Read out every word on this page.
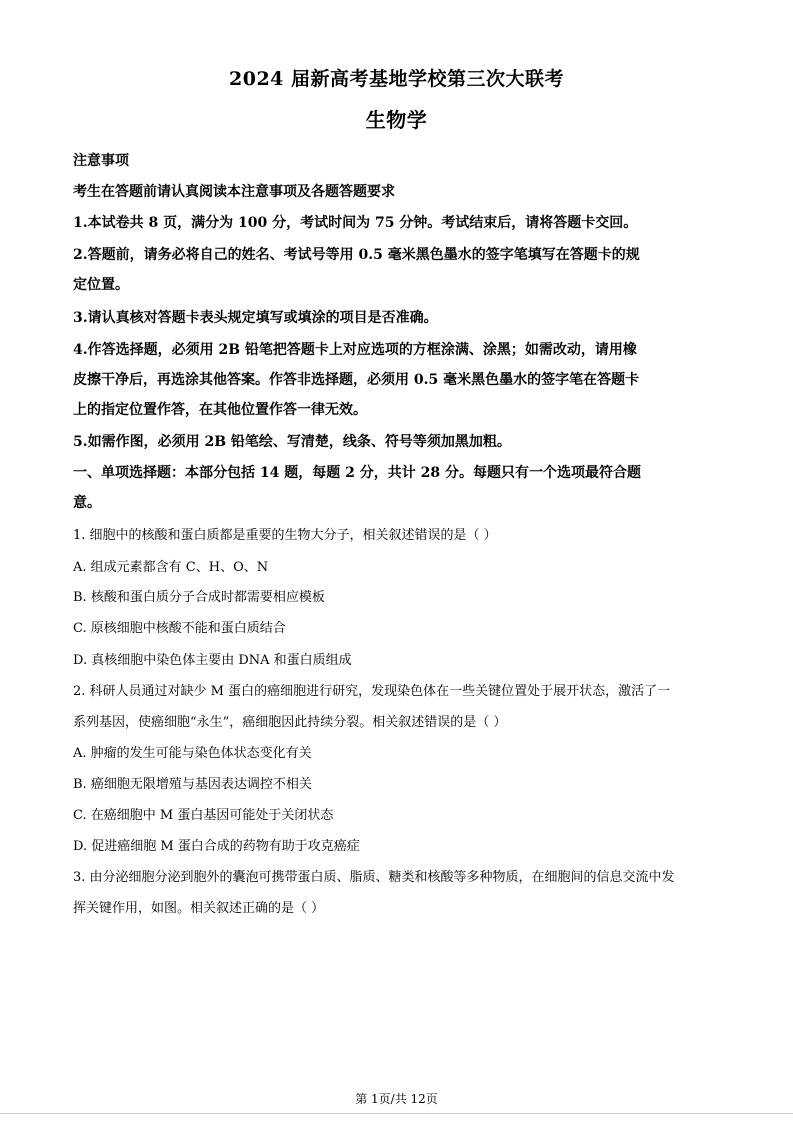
2024 届新高考基地学校第三次大联考
生物学
注意事项
考生在答题前请认真阅读本注意事项及各题答题要求
1.本试卷共 8 页，满分为 100 分，考试时间为 75 分钟。考试结束后，请将答题卡交回。
2.答题前，请务必将自己的姓名、考试号等用 0.5 毫米黑色墨水的签字笔填写在答题卡的规
定位置。
3.请认真核对答题卡表头规定填写或填涂的项目是否准确。
4.作答选择题，必须用 2B 铅笔把答题卡上对应选项的方框涂满、涂黑；如需改动，请用橡
皮擦干净后，再选涂其他答案。作答非选择题，必须用 0.5 毫米黑色墨水的签字笔在答题卡
上的指定位置作答，在其他位置作答一律无效。
5.如需作图，必须用 2B 铅笔绘、写清楚，线条、符号等须加黑加粗。
一、单项选择题：本部分包括 14 题，每题 2 分，共计 28 分。每题只有一个选项最符合题
意。
1. 细胞中的核酸和蛋白质都是重要的生物大分子，相关叙述错误的是（ ）
A. 组成元素都含有 C、H、O、N
B. 核酸和蛋白质分子合成时都需要相应模板
C. 原核细胞中核酸不能和蛋白质结合
D. 真核细胞中染色体主要由 DNA 和蛋白质组成
2. 科研人员通过对缺少 M 蛋白的癌细胞进行研究，发现染色体在一些关键位置处于展开状态，激活了一
系列基因，使癌细胞“永生”，癌细胞因此持续分裂。相关叙述错误的是（ ）
A. 肿瘤的发生可能与染色体状态变化有关
B. 癌细胞无限增殖与基因表达调控不相关
C. 在癌细胞中 M 蛋白基因可能处于关闭状态
D. 促进癌细胞 M 蛋白合成的药物有助于攻克癌症
3. 由分泌细胞分泌到胞外的囊泡可携带蛋白质、脂质、糖类和核酸等多种物质，在细胞间的信息交流中发
挥关键作用，如图。相关叙述正确的是（ ）
第 1页/共 12页
